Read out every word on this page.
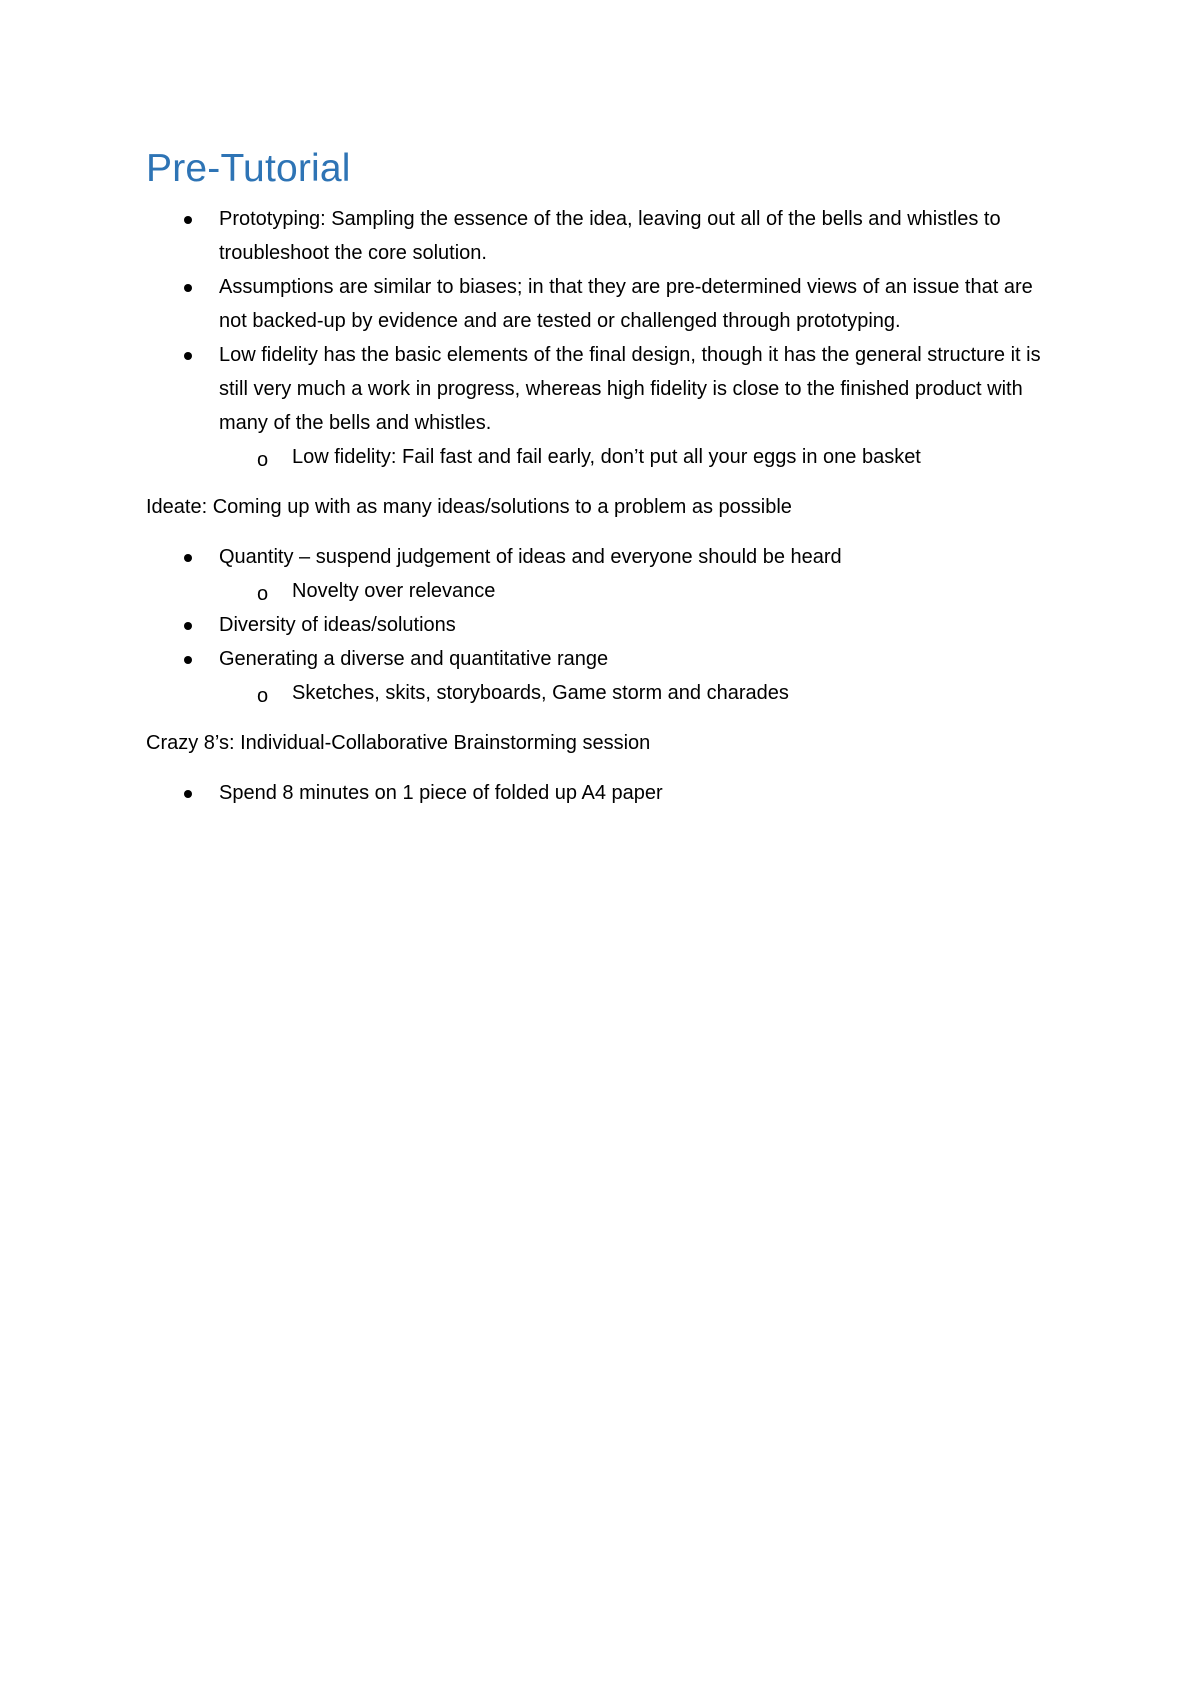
Pre-Tutorial
Prototyping: Sampling the essence of the idea, leaving out all of the bells and whistles to troubleshoot the core solution.
Assumptions are similar to biases; in that they are pre-determined views of an issue that are not backed-up by evidence and are tested or challenged through prototyping.
Low fidelity has the basic elements of the final design, though it has the general structure it is still very much a work in progress, whereas high fidelity is close to the finished product with many of the bells and whistles.
o Low fidelity: Fail fast and fail early, don’t put all your eggs in one basket

Ideate: Coming up with as many ideas/solutions to a problem as possible

Quantity – suspend judgement of ideas and everyone should be heard
o Novelty over relevance
Diversity of ideas/solutions
Generating a diverse and quantitative range
o Sketches, skits, storyboards, Game storm and charades

Crazy 8’s: Individual-Collaborative Brainstorming session

Spend 8 minutes on 1 piece of folded up A4 paper
